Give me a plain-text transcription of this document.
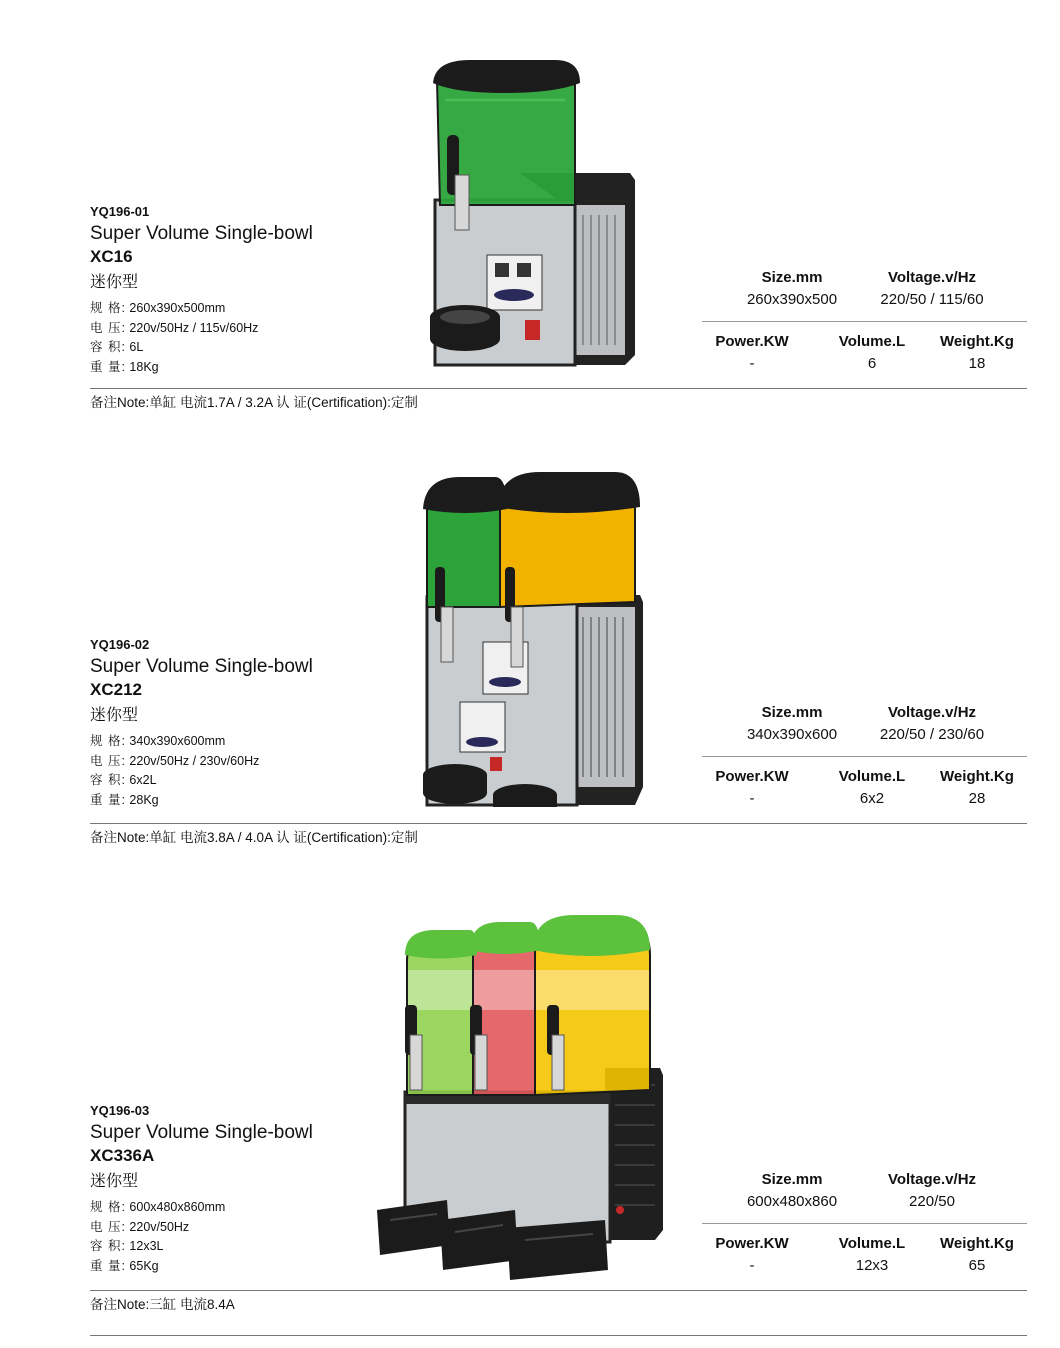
YQ196-01
Super Volume Single-bowl
XC16
迷你型
规 格: 260x390x500mm
电 压: 220v/50Hz / 115v/60Hz
容 积: 6L
重 量: 18Kg
Size.mm	Voltage.v/Hz
260x390x500	220/50 / 115/60
Power.KW	Volume.L	Weight.Kg
-	6	18
备注Note:单缸 电流1.7A / 3.2A 认 证(Certification):定制
YQ196-02
Super Volume Single-bowl
XC212
迷你型
规 格: 340x390x600mm
电 压: 220v/50Hz / 230v/60Hz
容 积: 6x2L
重 量: 28Kg
Size.mm	Voltage.v/Hz
340x390x600	220/50 / 230/60
Power.KW	Volume.L	Weight.Kg
-	6x2	28
备注Note:单缸 电流3.8A / 4.0A 认 证(Certification):定制
YQ196-03
Super Volume Single-bowl
XC336A
迷你型
规 格: 600x480x860mm
电 压: 220v/50Hz
容 积: 12x3L
重 量: 65Kg
Size.mm	Voltage.v/Hz
600x480x860	220/50
Power.KW	Volume.L	Weight.Kg
-	12x3	65
备注Note:三缸 电流8.4A
